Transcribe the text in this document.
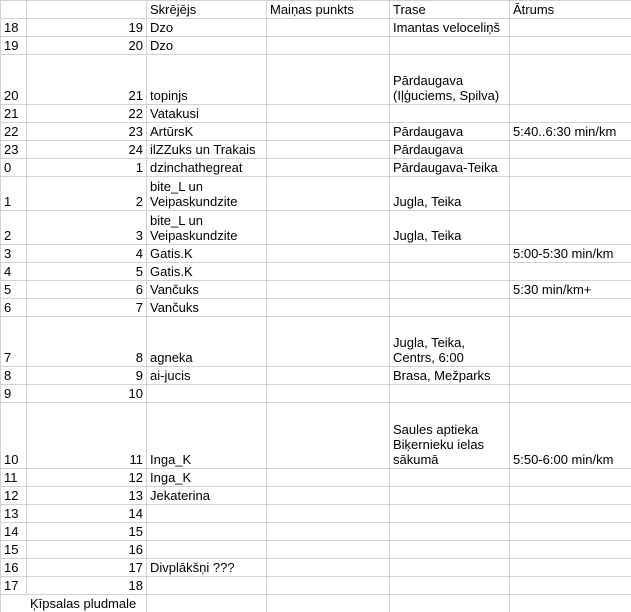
		Skrējējs	Maiņas punkts	Trase	Ātrums
18	19	Dzo		Imantas veloceliņš	
19	20	Dzo			
20	21	topinjs		Pārdaugava
(Iļģuciems, Spilva)	
21	22	Vatakusi			
22	23	ArtūrsK		Pārdaugava	5:40..6:30 min/km
23	24	ilZZuks un Trakais		Pārdaugava	
0	1	dzinchathegreat		Pārdaugava-Teika	
1	2	bite_L un
Veipaskundzite		Jugla, Teika	
2	3	bite_L un
Veipaskundzite		Jugla, Teika	
3	4	Gatis.K			5:00-5:30 min/km
4	5	Gatis.K			
5	6	Vančuks			5:30 min/km+
6	7	Vančuks			
7	8	agneka		Jugla, Teika,
Centrs, 6:00	
8	9	ai-jucis		Brasa, Mežparks	
9	10				
10	11	Inga_K		Saules aptieka
Biķernieku ielas
sākumā	5:50-6:00 min/km
11	12	Inga_K			
12	13	Jekaterina			
13	14				
14	15				
15	16				
16	17	Divplākšņi ???			
17	18				
Ķīpsalas pludmale					
